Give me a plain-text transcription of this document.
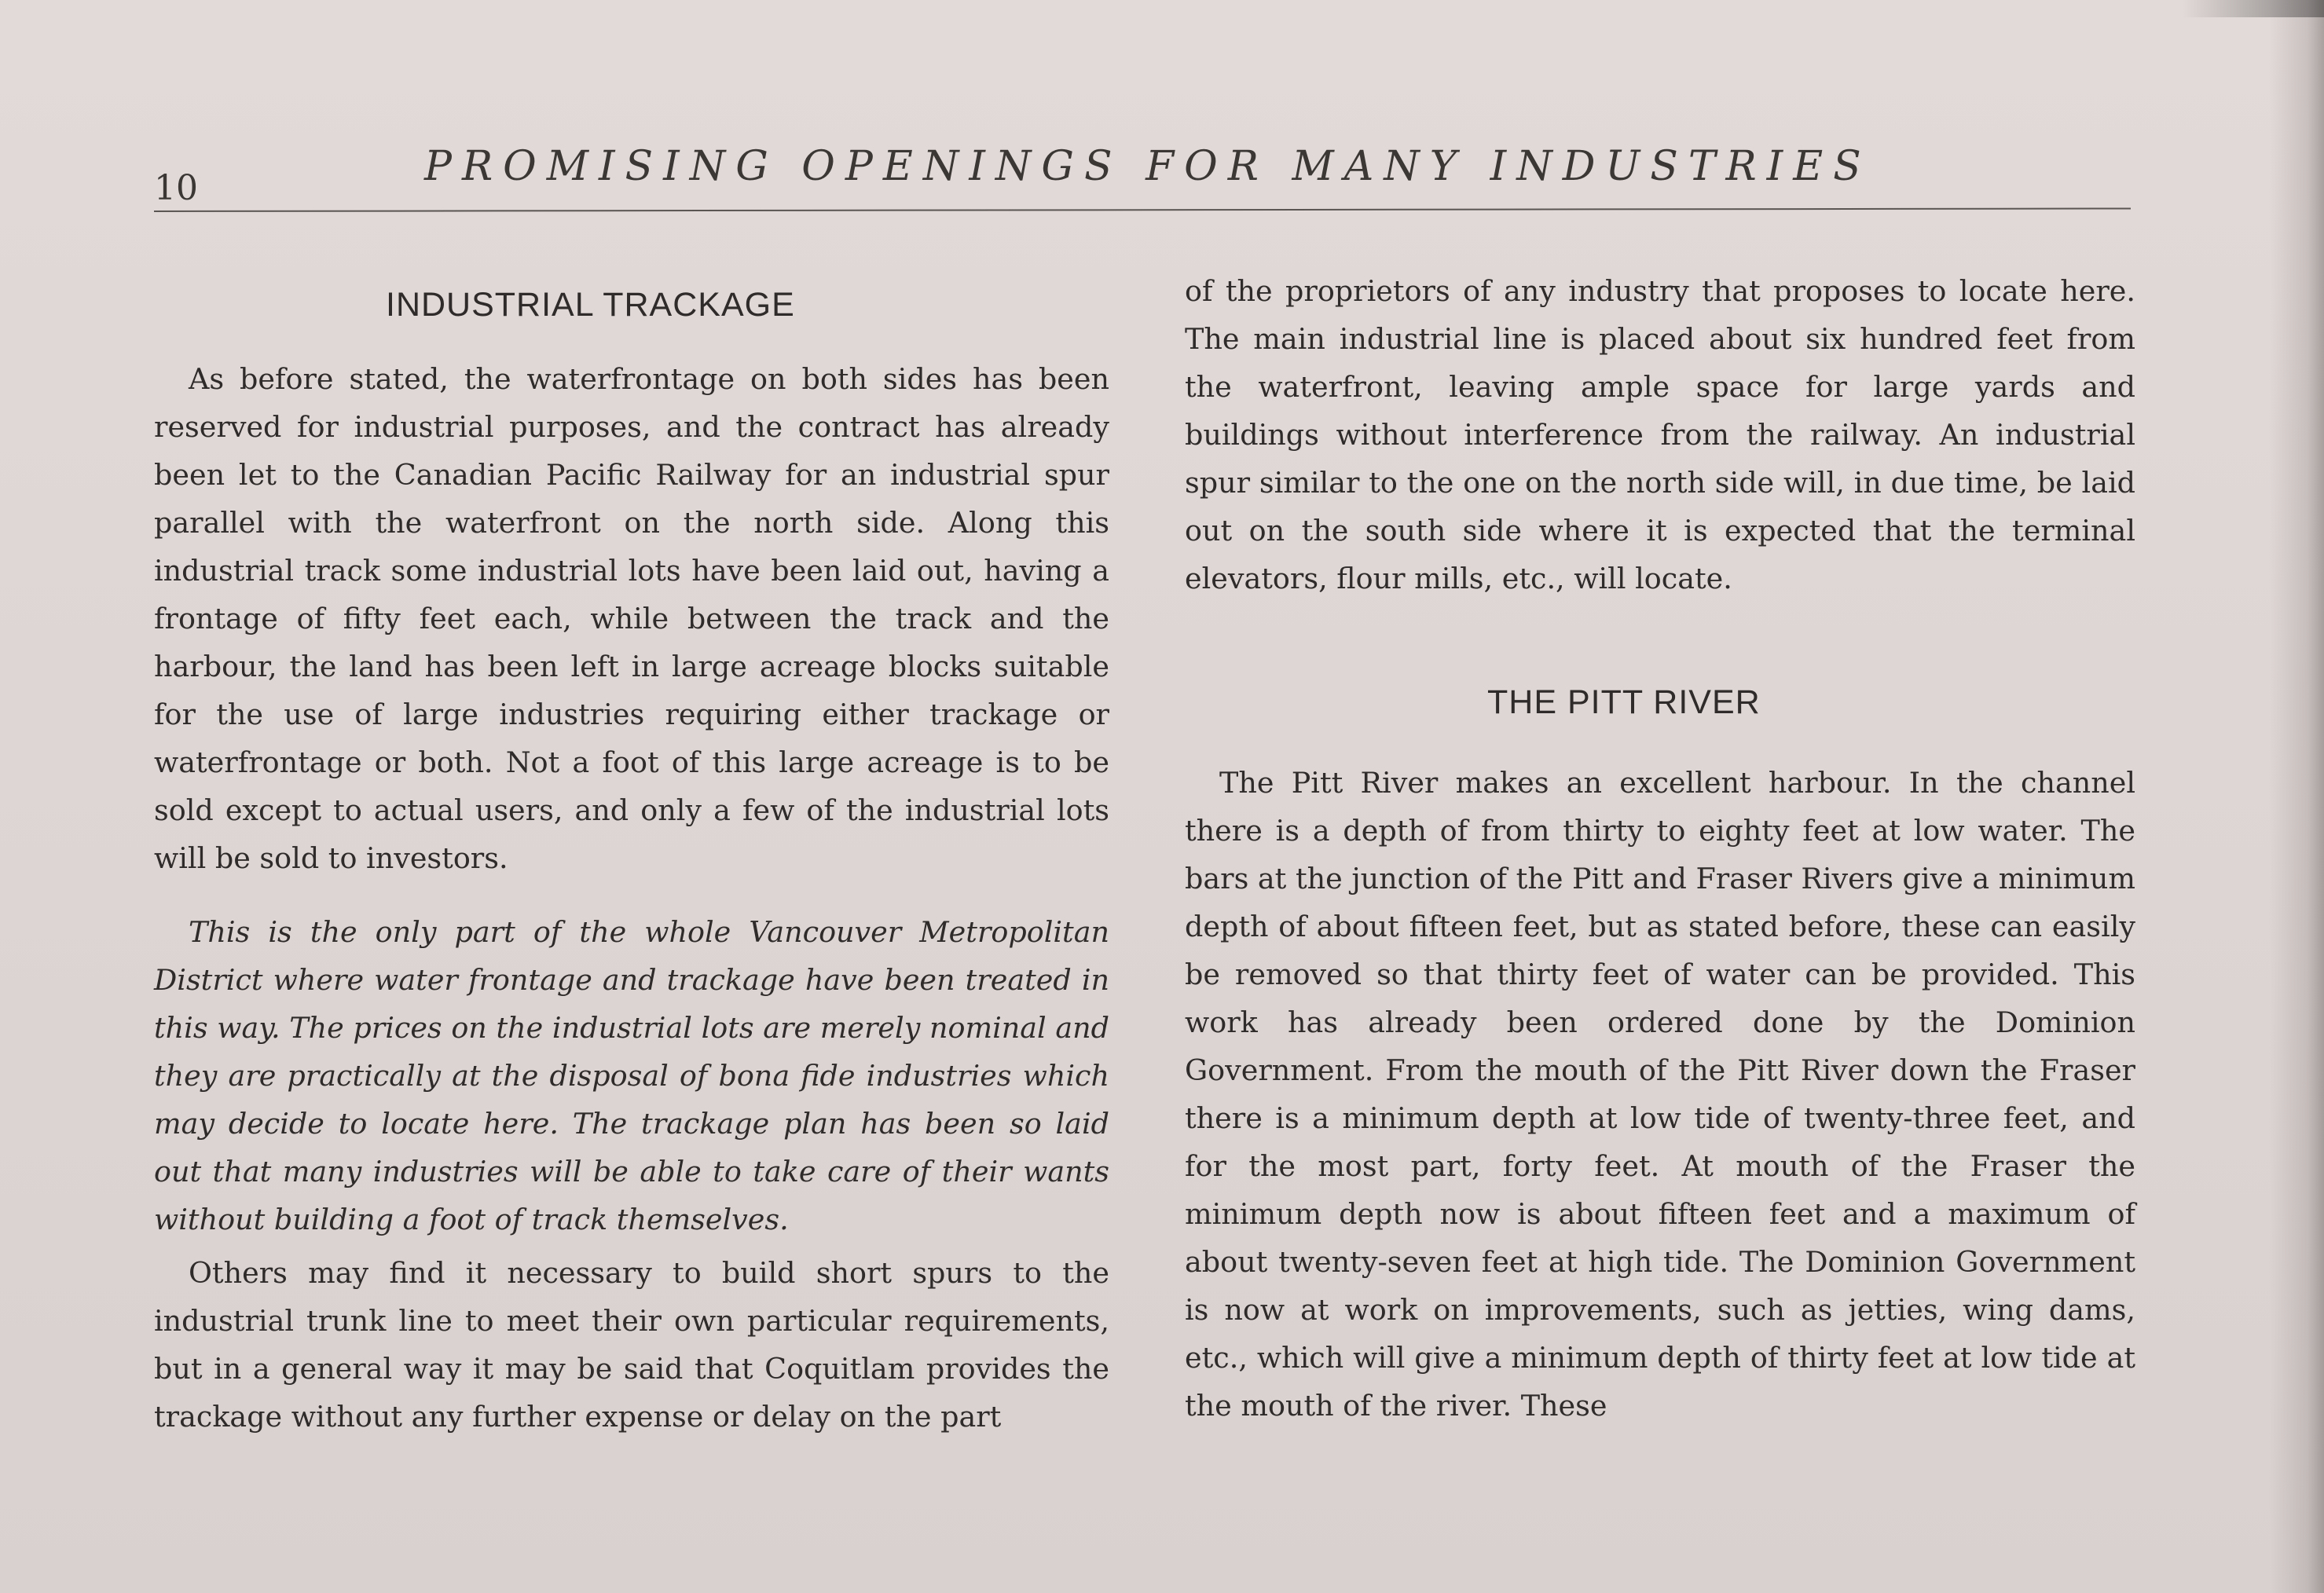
10	PROMISING OPENINGS FOR MANY INDUSTRIES
INDUSTRIAL TRACKAGE

As before stated, the waterfrontage on both sides has been reserved for industrial purposes, and the contract has already been let to the Canadian Pacific Railway for an industrial spur parallel with the waterfront on the north side. Along this industrial track some industrial lots have been laid out, having a frontage of fifty feet each, while between the track and the harbour, the land has been left in large acreage blocks suitable for the use of large industries requiring either trackage or waterfrontage or both. Not a foot of this large acreage is to be sold except to actual users, and only a few of the industrial lots will be sold to investors.

This is the only part of the whole Vancouver Metropolitan District where water frontage and trackage have been treated in this way. The prices on the industrial lots are merely nominal and they are practically at the disposal of bona fide industries which may decide to locate here. The trackage plan has been so laid out that many industries will be able to take care of their wants without building a foot of track themselves.

Others may find it necessary to build short spurs to the industrial trunk line to meet their own particular requirements, but in a general way it may be said that Coquitlam provides the trackage without any further expense or delay on the part

of the proprietors of any industry that proposes to locate here. The main industrial line is placed about six hundred feet from the waterfront, leaving ample space for large yards and buildings without interference from the railway. An industrial spur similar to the one on the north side will, in due time, be laid out on the south side where it is expected that the terminal elevators, flour mills, etc., will locate.

THE PITT RIVER

The Pitt River makes an excellent harbour. In the channel there is a depth of from thirty to eighty feet at low water. The bars at the junction of the Pitt and Fraser Rivers give a minimum depth of about fifteen feet, but as stated before, these can easily be removed so that thirty feet of water can be provided. This work has already been ordered done by the Dominion Government. From the mouth of the Pitt River down the Fraser there is a minimum depth at low tide of twenty-three feet, and for the most part, forty feet. At mouth of the Fraser the minimum depth now is about fifteen feet and a maximum of about twenty-seven feet at high tide. The Dominion Government is now at work on improvements, such as jetties, wing dams, etc., which will give a minimum depth of thirty feet at low tide at the mouth of the river. These
